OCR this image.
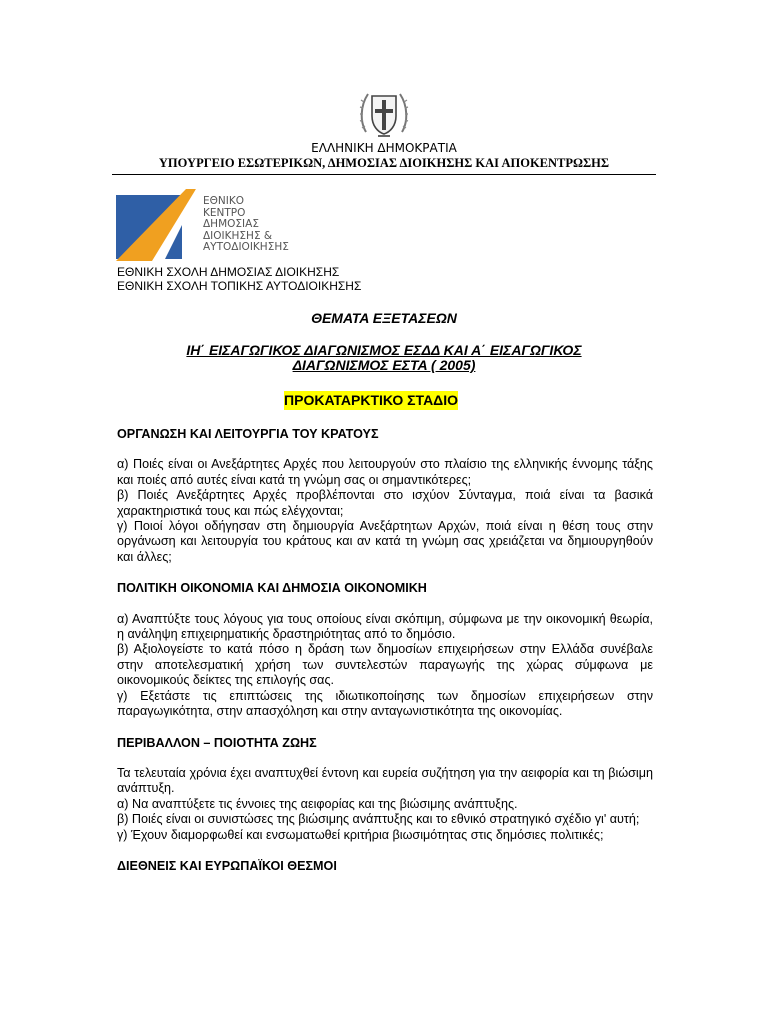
ΕΛΛΗΝΙΚΗ ΔΗΜΟΚΡΑΤΙΑ
ΥΠΟΥΡΓΕΙΟ ΕΣΩΤΕΡΙΚΩΝ, ΔΗΜΟΣΙΑΣ ΔΙΟΙΚΗΣΗΣ ΚΑΙ ΑΠΟΚΕΝΤΡΩΣΗΣ
ΕΘΝΙΚΟ
ΚΕΝΤΡΟ
ΔΗΜΟΣΙΑΣ
ΔΙΟΙΚΗΣΗΣ &
ΑΥΤΟΔΙΟΙΚΗΣΗΣ
ΕΘΝΙΚΗ ΣΧΟΛΗ ΔΗΜΟΣΙΑΣ ΔΙΟΙΚΗΣΗΣ
ΕΘΝΙΚΗ ΣΧΟΛΗ ΤΟΠΙΚΗΣ ΑΥΤΟΔΙΟΙΚΗΣΗΣ
ΘΕΜΑΤΑ ΕΞΕΤΑΣΕΩΝ
ΙΗ΄ ΕΙΣΑΓΩΓΙΚΟΣ ΔΙΑΓΩΝΙΣΜΟΣ ΕΣΔΔ ΚΑΙ Α΄ ΕΙΣΑΓΩΓΙΚΟΣ
ΔΙΑΓΩΝΙΣΜΟΣ ΕΣΤΑ ( 2005)
ΠΡΟΚΑΤΑΡΚΤΙΚΟ ΣΤΑΔΙΟ
ΟΡΓΑΝΩΣΗ ΚΑΙ ΛΕΙΤΟΥΡΓΙΑ ΤΟΥ ΚΡΑΤΟΥΣ

α) Ποιές είναι οι Ανεξάρτητες Αρχές που λειτουργούν στο πλαίσιο της ελληνικής έννομης τάξης και ποιές από αυτές είναι κατά τη γνώμη σας οι σημαντικότερες;

β) Ποιές Ανεξάρτητες Αρχές προβλέπονται στο ισχύον Σύνταγμα, ποιά είναι τα βασικά χαρακτηριστικά τους και πώς ελέγχονται;

γ) Ποιοί λόγοι οδήγησαν στη δημιουργία Ανεξάρτητων Αρχών, ποιά είναι η θέση τους στην οργάνωση και λειτουργία του κράτους και αν κατά τη γνώμη σας χρειάζεται να δημιουργηθούν και άλλες;

ΠΟΛΙΤΙΚΗ ΟΙΚΟΝΟΜΙΑ ΚΑΙ ΔΗΜΟΣΙΑ ΟΙΚΟΝΟΜΙΚΗ

α) Αναπτύξτε τους λόγους για τους οποίους είναι σκόπιμη, σύμφωνα με την οικονομική θεωρία, η ανάληψη επιχειρηματικής δραστηριότητας από το δημόσιο.

β) Αξιολογείστε το κατά πόσο η δράση των δημοσίων επιχειρήσεων στην Ελλάδα συνέβαλε στην αποτελεσματική χρήση των συντελεστών παραγωγής της χώρας σύμφωνα με οικονομικούς δείκτες της επιλογής σας.

γ) Εξετάστε τις επιπτώσεις της ιδιωτικοποίησης των δημοσίων επιχειρήσεων στην παραγωγικότητα, στην απασχόληση και στην ανταγωνιστικότητα της οικονομίας.

ΠΕΡΙΒΑΛΛΟΝ – ΠΟΙΟΤΗΤΑ ΖΩΗΣ

Τα τελευταία χρόνια έχει αναπτυχθεί έντονη και ευρεία συζήτηση για την αειφορία και τη βιώσιμη ανάπτυξη.

α) Να αναπτύξετε τις έννοιες της αειφορίας και της βιώσιμης ανάπτυξης.

β) Ποιές είναι οι συνιστώσες της βιώσιμης ανάπτυξης και το εθνικό στρατηγικό σχέδιο γι' αυτή;

γ) Έχουν διαμορφωθεί και ενσωματωθεί κριτήρια βιωσιμότητας στις δημόσιες πολιτικές;

ΔΙΕΘΝΕΙΣ ΚΑΙ ΕΥΡΩΠΑΪΚΟΙ ΘΕΣΜΟΙ
